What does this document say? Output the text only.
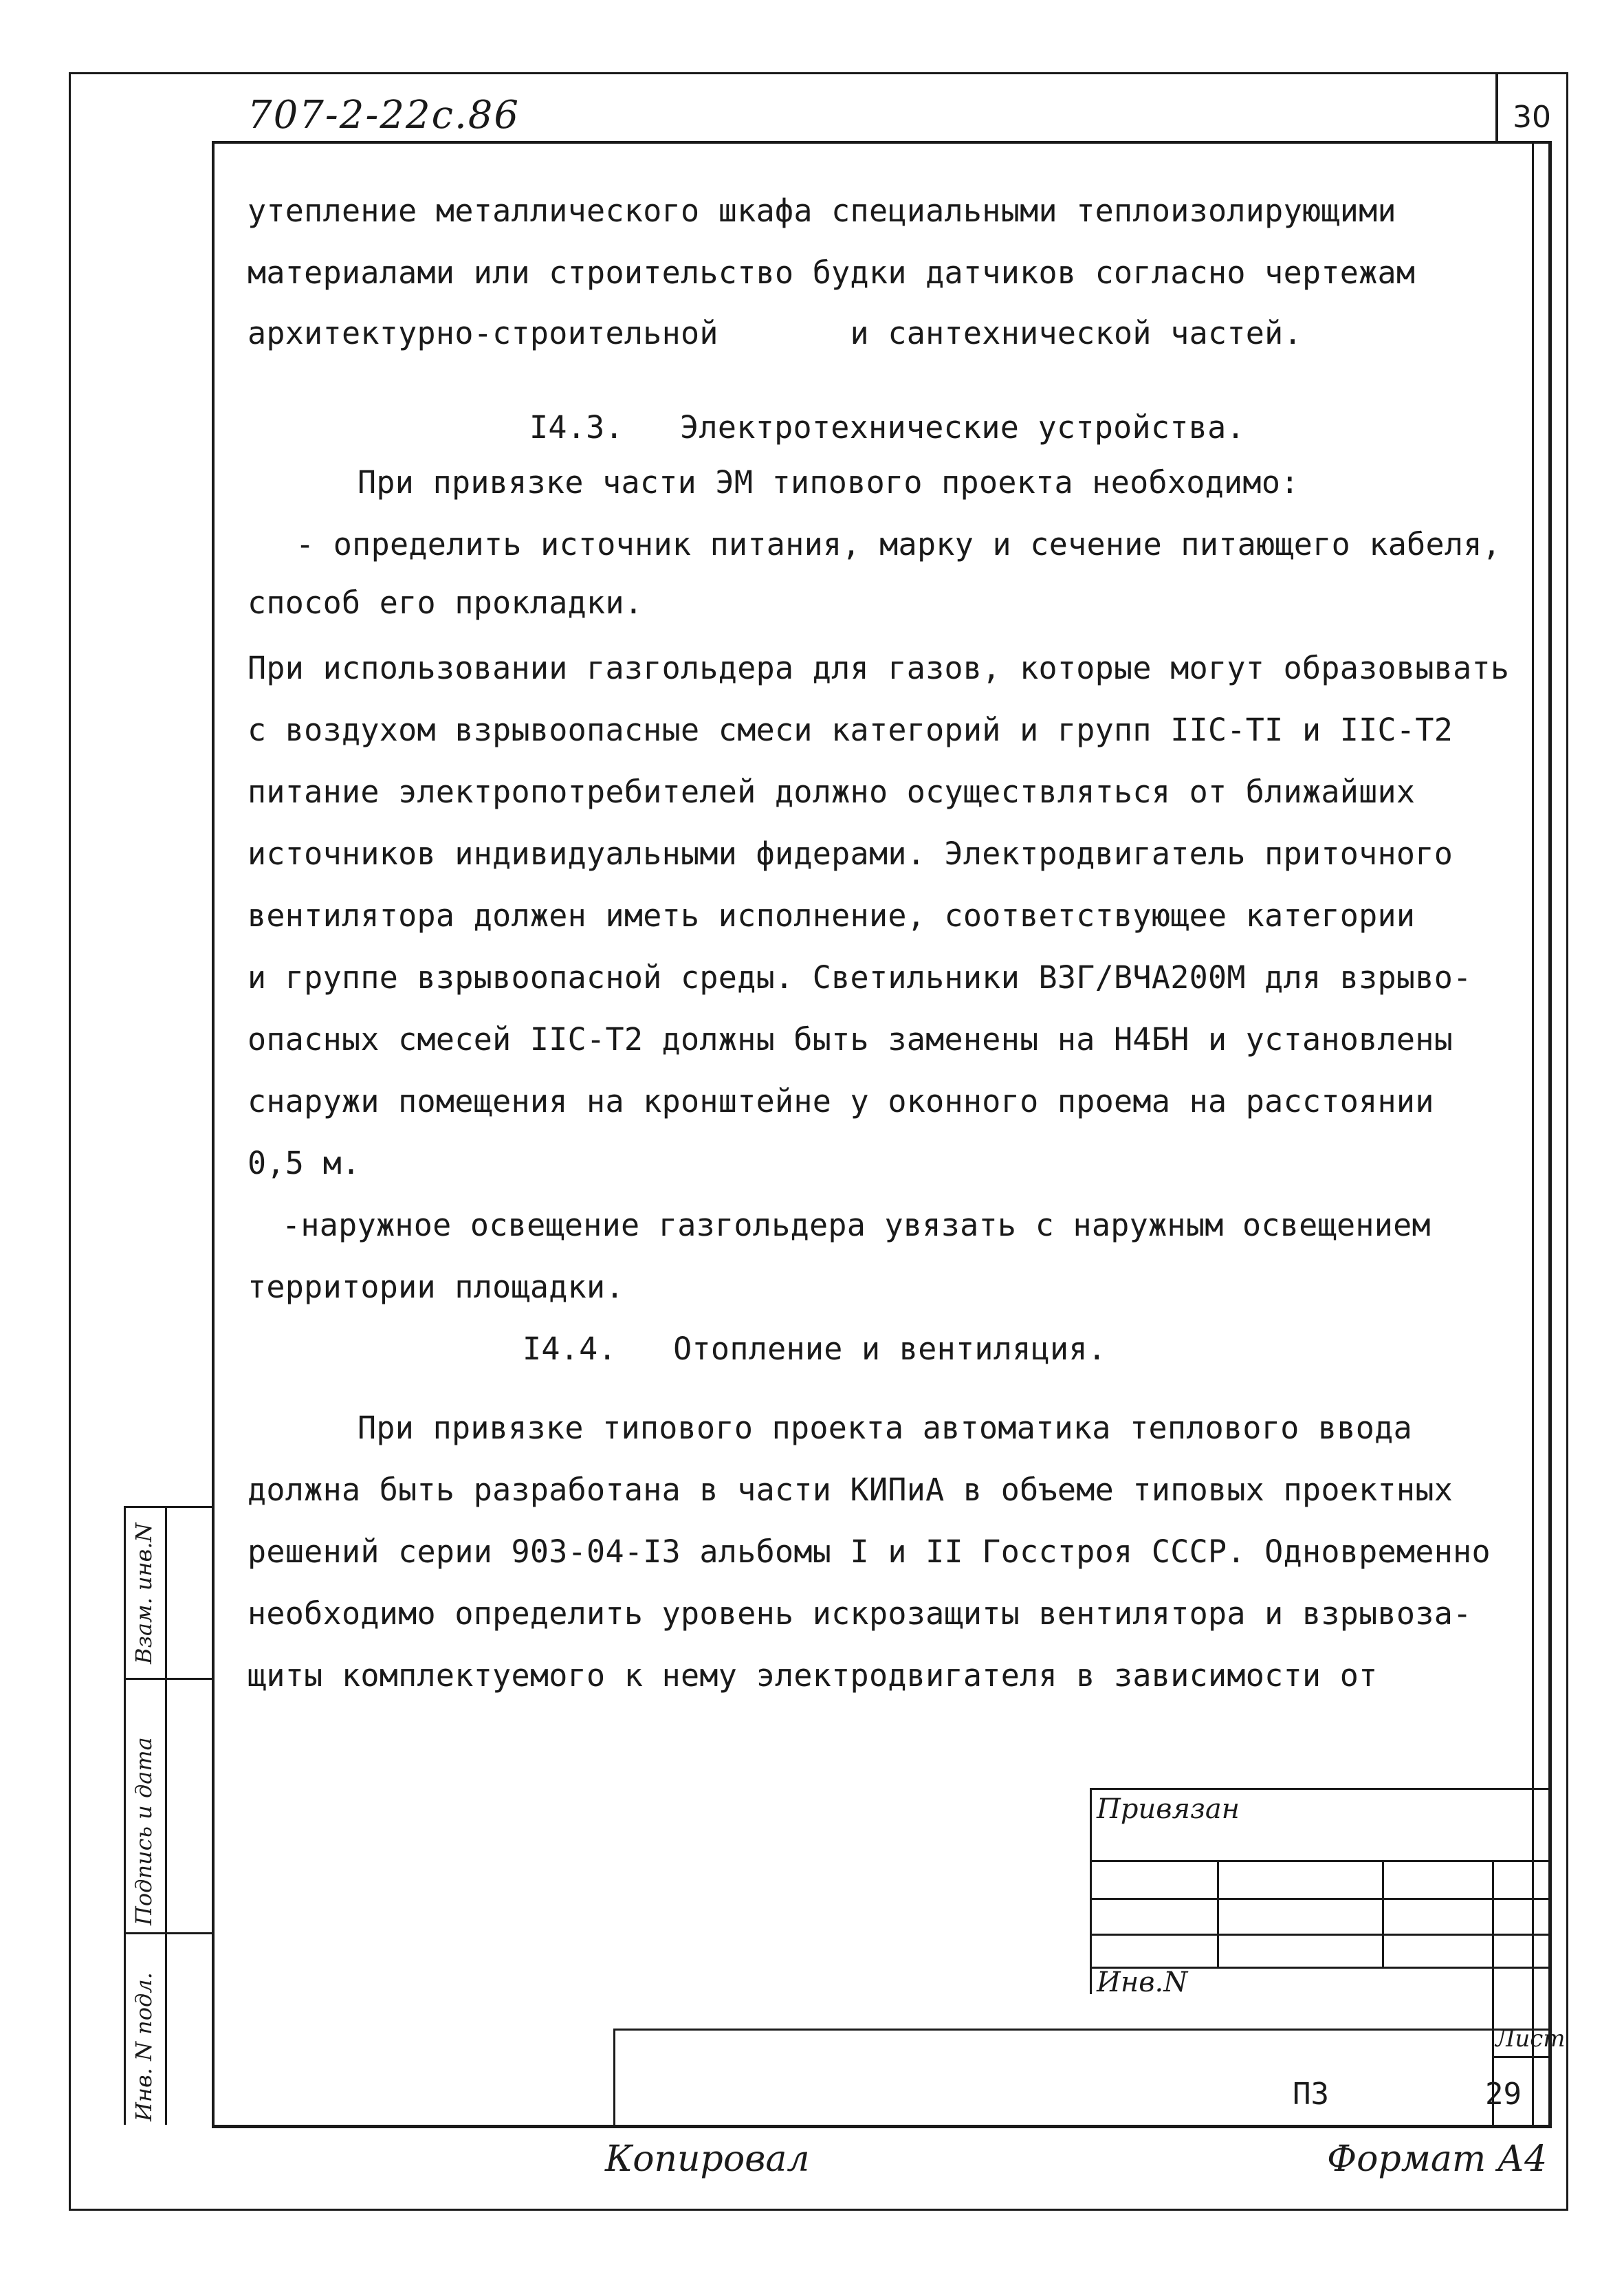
30
707-2-22с.86
утепление металлического шкафа специальными теплоизолирующими
материалами или строительство будки датчиков согласно чертежам
архитектурно-строительной       и сантехнической частей.
I4.3.   Электротехнические устройства.
При привязке части ЭМ типового проекта необходимо:
- определить источник питания, марку и сечение питающего кабеля,
способ его прокладки.
При использовании газгольдера для газов, которые могут образовывать
с воздухом взрывоопасные смеси категорий и групп IIС-TI и IIС-T2
питание электропотребителей должно осуществляться от ближайших
источников индивидуальными фидерами. Электродвигатель приточного
вентилятора должен иметь исполнение, соответствующее категории
и группе взрывоопасной среды. Светильники ВЗГ/ВЧА200М для взрыво-
опасных смесей IIС-T2 должны быть заменены на Н4БН и установлены
снаружи помещения на кронштейне у оконного проема на расстоянии
0,5 м.
-наружное освещение газгольдера увязать с наружным освещением
территории площадки.
I4.4.   Отопление и вентиляция.
При привязке типового проекта автоматика теплового ввода
должна быть разработана в части КИПиА в объеме типовых проектных
решений серии 903-04-I3 альбомы I и II Госстроя СССР. Одновременно
необходимо определить уровень искрозащиты вентилятора и взрывоза-
щиты комплектуемого к нему электродвигателя в зависимости от
Взам. инв.N
Подпись и дата
Инв. N подл.
Привязан
Инв.N
Лист
ПЗ	29
Копировал	Формат А4
